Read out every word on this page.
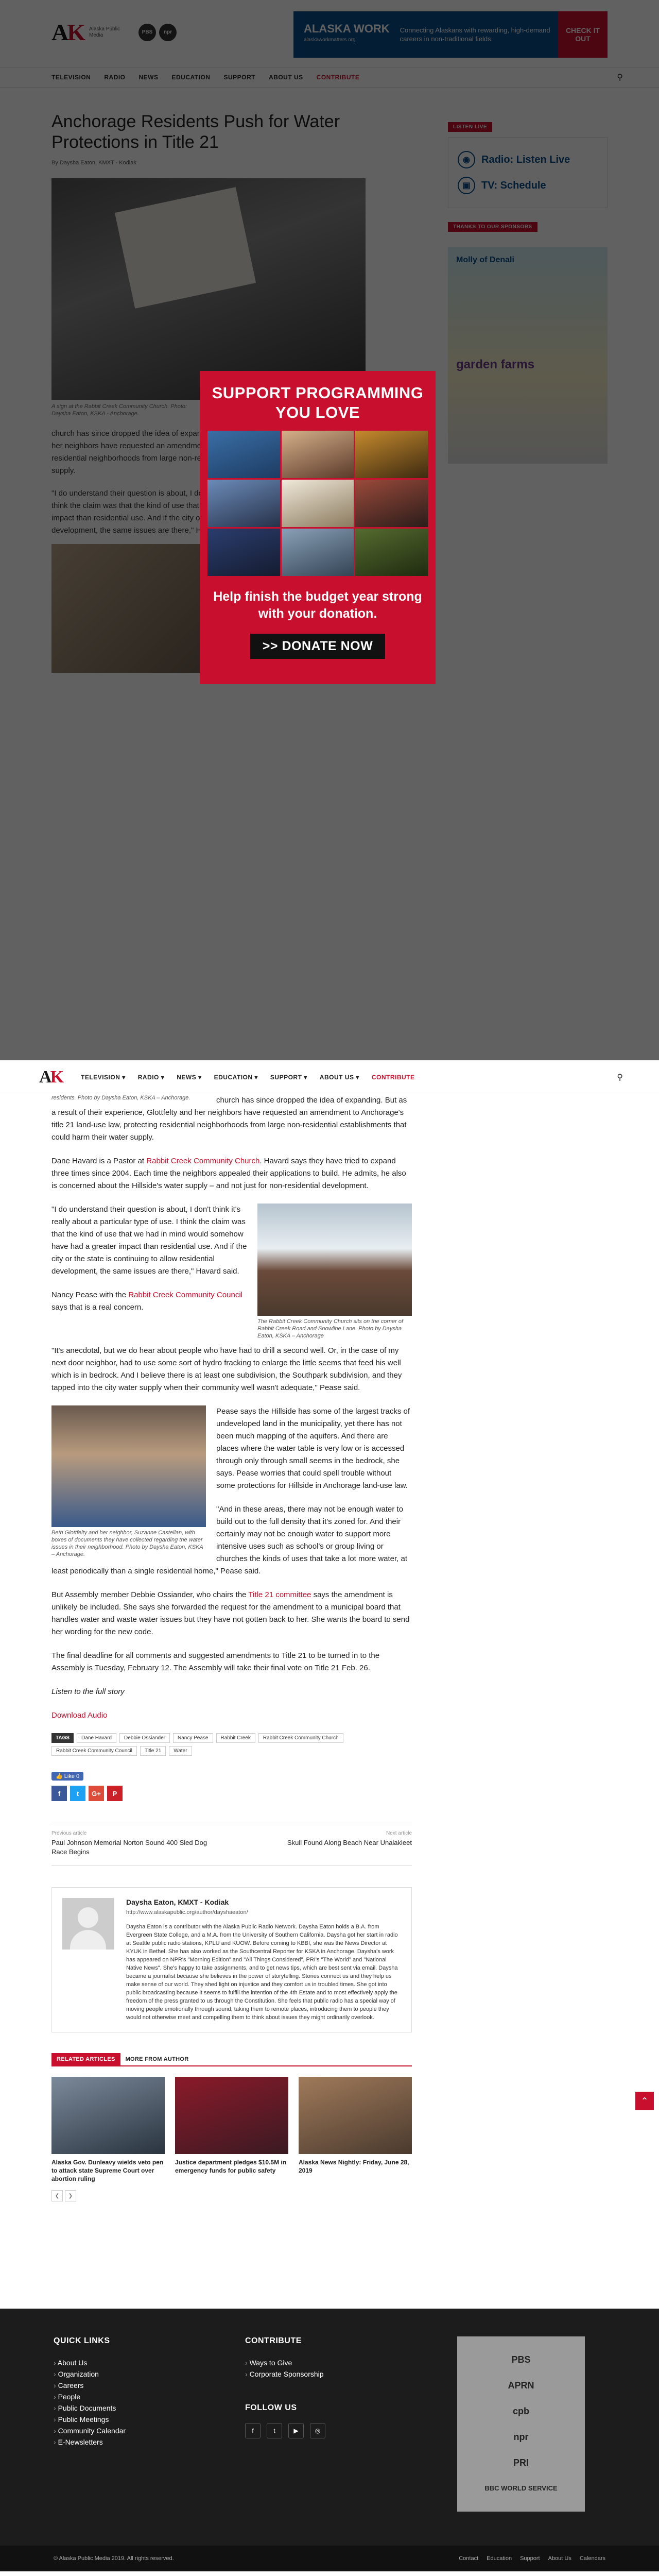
SUPPORT PROGRAMMING YOU LOVE
Help finish the budget year strong with your donation.
>> DONATE NOW
AK	TELEVISION ▾ RADIO ▾ NEWS ▾ EDUCATION ▾ SUPPORT ▾ ABOUT US ▾ CONTRIBUTE	⚲
residents. Photo by Daysha Eaton, KSKA – Anchorage.	church has since dropped the idea of expanding. But as a result of their experience, Glottfelty and her neighbors have requested an amendment to Anchorage's title 21 land-use law, protecting residential neighborhoods from large non-residential establishments that could harm their water supply.

Dane Havard is a Pastor at Rabbit Creek Community Church. Havard says they have tried to expand three times since 2004. Each time the neighbors appealed their applications to build. He admits, he also is concerned about the Hillside's water supply – and not just for non-residential development.

The Rabbit Creek Community Church sits on the corner of Rabbit Creek Road and Snowline Lane. Photo by Daysha Eaton, KSKA – Anchorage

"I do understand their question is about, I don't think it's really about a particular type of use. I think the claim was that the kind of use that we had in mind would somehow have had a greater impact than residential use. And if the city or the state is continuing to allow residential development, the same issues are there," Havard said.

Nancy Pease with the Rabbit Creek Community Council says that is a real concern.

"It's anecdotal, but we do hear about people who have had to drill a second well. Or, in the case of my next door neighbor, had to use some sort of hydro fracking to enlarge the little seems that feed his well which is in bedrock. And I believe there is at least one subdivision, the Southpark subdivision, and they tapped into the city water supply when their community well wasn't adequate," Pease said.

Beth Glottfelty and her neighbor, Suzanne Castellan, with boxes of documents they have collected regarding the water issues in their neighborhood. Photo by Daysha Eaton, KSKA – Anchorage.

Pease says the Hillside has some of the largest tracks of undeveloped land in the municipality, yet there has not been much mapping of the aquifers. And there are places where the water table is very low or is accessed through only through small seems in the bedrock, she says. Pease worries that could spell trouble without some protections for Hillside in Anchorage land-use law.

"And in these areas, there may not be enough water to build out to the full density that it's zoned for. And their certainly may not be enough water to support more intensive uses such as school's or group living or churches the kinds of uses that take a lot more water, at least periodically than a single residential home," Pease said.

But Assembly member Debbie Ossiander, who chairs the Title 21 committee says the amendment is unlikely be included. She says she forwarded the request for the amendment to a municipal board that handles water and waste water issues but they have not gotten back to her. She wants the board to send her wording for the new code.

The final deadline for all comments and suggested amendments to Title 21 to be turned in to the Assembly is Tuesday, February 12. The Assembly will take their final vote on Title 21 Feb. 26.

Listen to the full story

Download Audio

TAGS	Dane Havard	Debbie Ossiander	Nancy Pease	Rabbit Creek	Rabbit Creek Community Church
Rabbit Creek Community Council	Title 21	Water
👍 Like 0
f	t	G+	P
Previous article
Paul Johnson Memorial Norton Sound 400 Sled Dog Race Begins
Next article
Skull Found Along Beach Near Unalakleet
Daysha Eaton, KMXT - Kodiak
http://www.alaskapublic.org/author/dayshaeaton/
Daysha Eaton is a contributor with the Alaska Public Radio Network. Daysha Eaton holds a B.A. from Evergreen State College, and a M.A. from the University of Southern California. Daysha got her start in radio at Seattle public radio stations, KPLU and KUOW. Before coming to KBBI, she was the News Director at KYUK in Bethel. She has also worked as the Southcentral Reporter for KSKA in Anchorage. Daysha's work has appeared on NPR's "Morning Edition" and "All Things Considered", PRI's "The World" and "National Native News". She's happy to take assignments, and to get news tips, which are best sent via email. Daysha became a journalist because she believes in the power of storytelling. Stories connect us and they help us make sense of our world. They shed light on injustice and they comfort us in troubled times. She got into public broadcasting because it seems to fulfill the intention of the 4th Estate and to most effectively apply the freedom of the press granted to us through the Constitution. She feels that public radio has a special way of moving people emotionally through sound, taking them to remote places, introducing them to people they would not otherwise meet and compelling them to think about issues they might ordinarily overlook.
RELATED ARTICLES	MORE FROM AUTHOR
Alaska Gov. Dunleavy wields veto pen to attack state Supreme Court over abortion ruling
Justice department pledges $10.5M in emergency funds for public safety
Alaska News Nightly: Friday, June 28, 2019
❮	❯
QUICK LINKS
› About Us
› Organization
› Careers
› People
› Public Documents
› Public Meetings
› Community Calendar
› E-Newsletters
CONTRIBUTE
› Ways to Give
› Corporate Sponsorship
FOLLOW US
f	t	▶	◎
PBS
APRN
cpb
npr
PRI
BBC WORLD SERVICE
© Alaska Public Media 2019. All rights reserved.	Contact Education Support About Us Calendars
⌃
